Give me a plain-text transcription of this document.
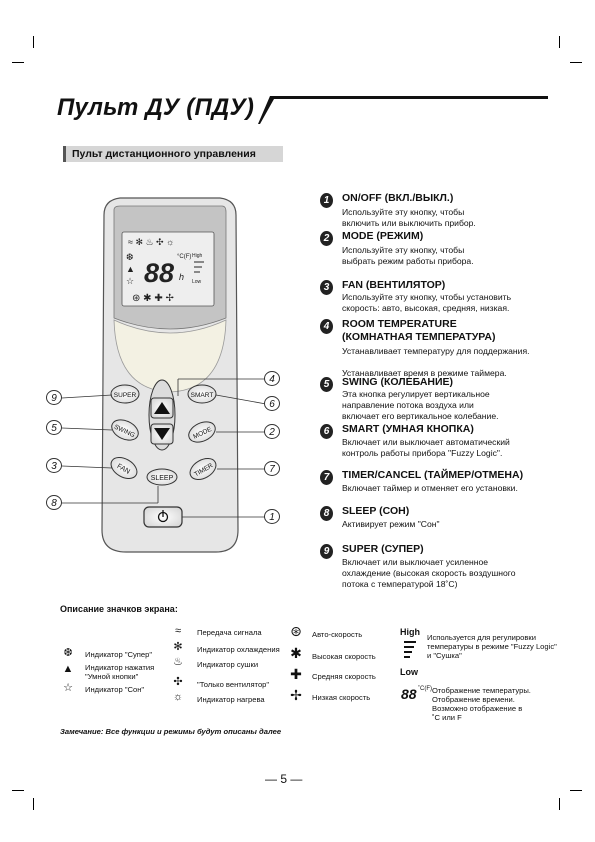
Пульт ДУ (ПДУ)
Пульт дистанционного управления
≈ ✻ ♨ ✣ ☼
❆
▲
☆ 88
°C(F)
h
High
Low
⊛ ✱ ✚ ✢
SUPER	SMART
SWING	MODE
FAN
SLEEP
TIMER
9
5
3
8
4
6
2
7
1
1	ON/OFF (ВКЛ./ВЫКЛ.)
Используйте эту кнопку, чтобы
включить или выключить прибор.
2	MODE (РЕЖИМ)
Используйте эту кнопку, чтобы
выбрать режим работы прибора.
3	FAN (ВЕНТИЛЯТОР)
Используйте эту кнопку, чтобы установить
скорость: авто, высокая, средняя, низкая.
4	ROOM TEMPERATURE
(КОМНАТНАЯ ТЕМПЕРАТУРА)
Устанавливает температуру для поддержания.

Устанавливает время в режиме таймера.
5	SWING (КОЛЕБАНИЕ)
Эта кнопка регулирует вертикальное
направление потока воздуха или
включает его вертикальное колебание.
6	SMART (УМНАЯ КНОПКА)
Включает или выключает автоматический
контроль работы прибора "Fuzzy Logic".
7	TIMER/CANCEL (ТАЙМЕР/ОТМЕНА)
Включает таймер и отменяет его установки.
8	SLEEP (СОН)
Активирует режим "Сон"
9	SUPER (СУПЕР)
Включает или выключает усиленное
охлаждение (высокая скорость воздушного
потока с температурой 18˚С)
Описание значков экрана:
❆	Индикатор "Супер"
▲ Индикатор нажатия
"Умной кнопки"
☆ Индикатор "Сон"
≈	Передача сигнала
✻	Индикатор охлаждения
♨ Индикатор сушки
✣	"Только вентилятор"
☼ Индикатор нагрева
⊛ Авто-скорость
✱ Высокая скорость
✚ Средняя скорость
✢ Низкая скорость
High
Low
Используется для регулировки
температуры в режиме "Fuzzy Logic"
и "Сушка"
88 ˚C(F) Отображение температуры.
Отображение времени.
Возможно отображение в
˚С или F
Замечание: Все функции и режимы будут описаны далее
— 5 —
